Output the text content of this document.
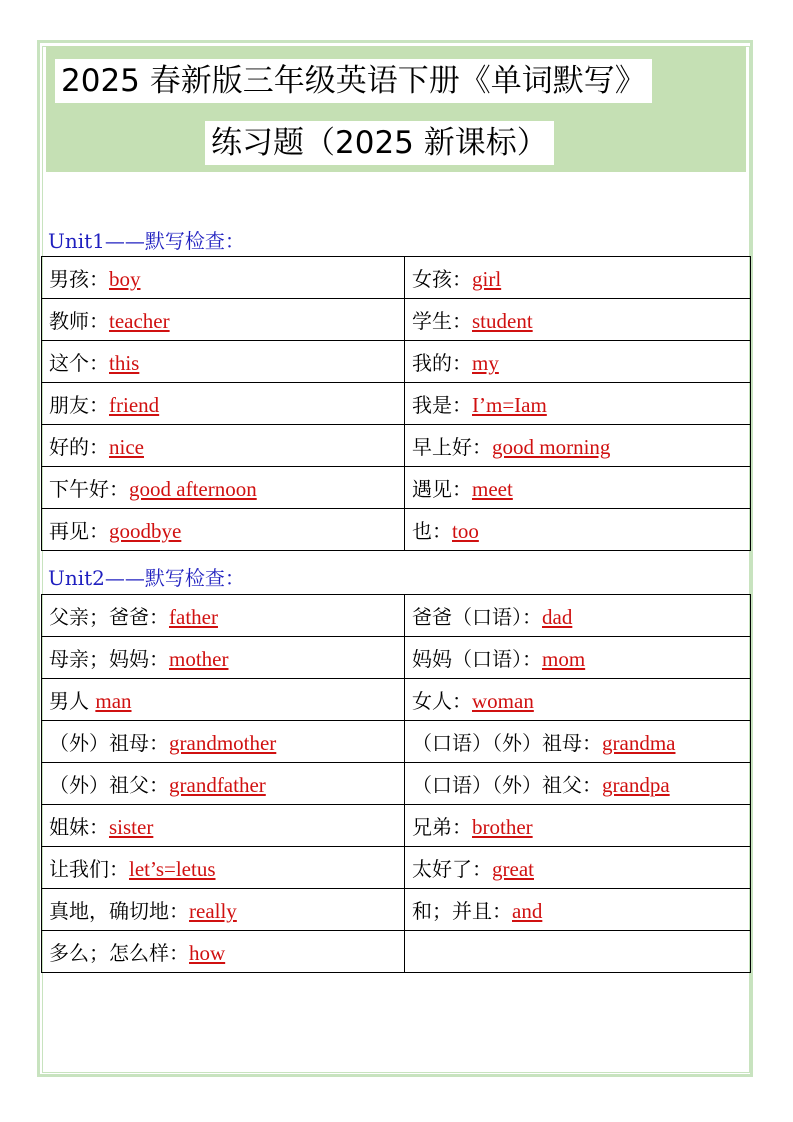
2025 春新版三年级英语下册《单词默写》
练习题（2025 新课标）
Unit1——默写检查：
男孩：boy	女孩：girl
教师：teacher	学生：student
这个：this	我的：my
朋友：friend	我是：I’m=Iam
好的：nice	早上好：good morning
下午好：good afternoon	遇见：meet
再见：goodbye	也：too
Unit2——默写检查：
父亲；爸爸：father	爸爸（口语）：dad
母亲；妈妈：mother	妈妈（口语）：mom
男人 man	女人：woman
（外）祖母：grandmother	（口语）（外）祖母：grandma
（外）祖父：grandfather	（口语）（外）祖父：grandpa
姐妹：sister	兄弟：brother
让我们：let’s=letus	太好了：great
真地，确切地：really	和；并且：and
多么；怎么样：how	
